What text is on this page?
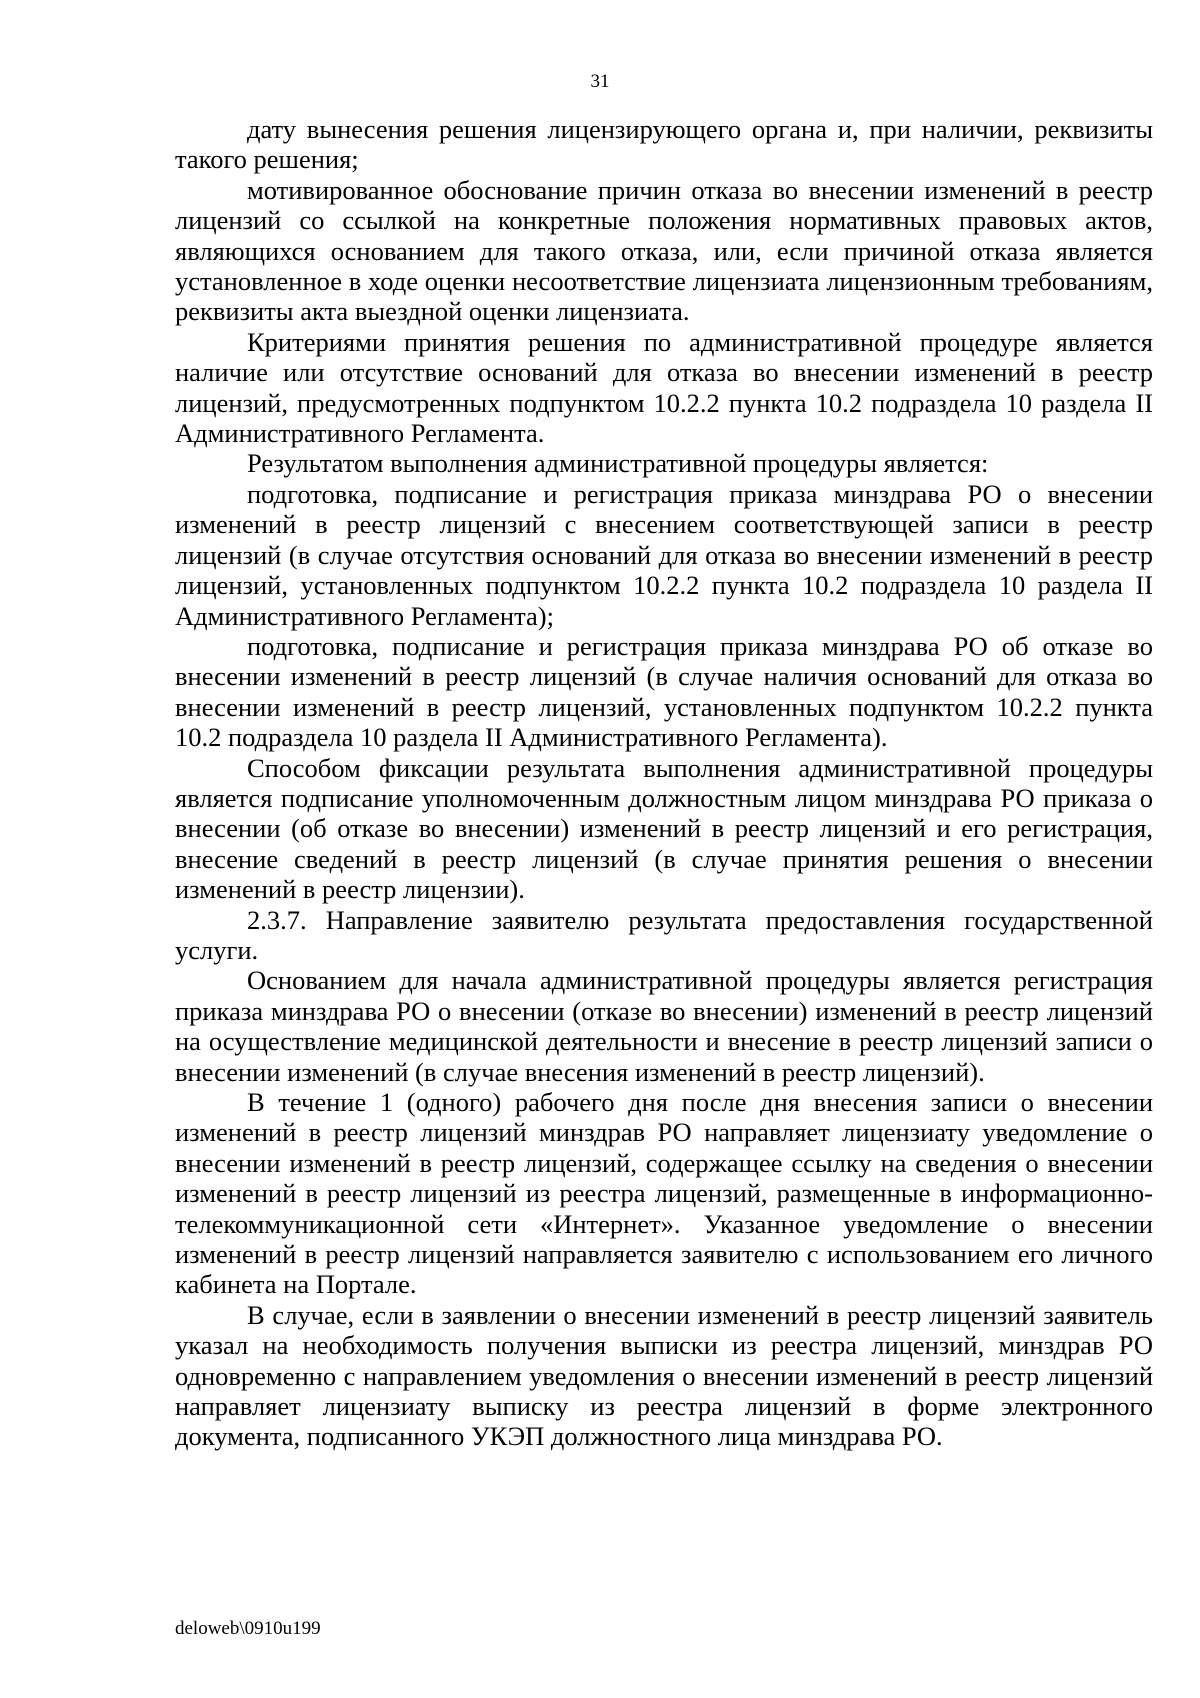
31

дату вынесения решения лицензирующего органа и, при наличии, реквизиты такого решения;

мотивированное обоснование причин отказа во внесении изменений в реестр лицензий со ссылкой на конкретные положения нормативных правовых актов, являющихся основанием для такого отказа, или, если причиной отказа является установленное в ходе оценки несоответствие лицензиата лицензионным требованиям, реквизиты акта выездной оценки лицензиата.

Критериями принятия решения по административной процедуре является наличие или отсутствие оснований для отказа во внесении изменений в реестр лицензий, предусмотренных подпунктом 10.2.2 пункта 10.2 подраздела 10 раздела II Административного Регламента.

Результатом выполнения административной процедуры является:

подготовка, подписание и регистрация приказа минздрава РО о внесении изменений в реестр лицензий с внесением соответствующей записи в реестр лицензий (в случае отсутствия оснований для отказа во внесении изменений в реестр лицензий, установленных подпунктом 10.2.2 пункта 10.2 подраздела 10 раздела II Административного Регламента);

подготовка, подписание и регистрация приказа минздрава РО об отказе во внесении изменений в реестр лицензий (в случае наличия оснований для отказа во внесении изменений в реестр лицензий, установленных подпунктом 10.2.2 пункта 10.2 подраздела 10 раздела II Административного Регламента).

Способом фиксации результата выполнения административной процедуры является подписание уполномоченным должностным лицом минздрава РО приказа о внесении (об отказе во внесении) изменений в реестр лицензий и его регистрация, внесение сведений в реестр лицензий (в случае принятия решения о внесении изменений в реестр лицензии).

2.3.7. Направление заявителю результата предоставления государственной услуги.

Основанием для начала административной процедуры является регистрация приказа минздрава РО о внесении (отказе во внесении) изменений в реестр лицензий на осуществление медицинской деятельности и внесение в реестр лицензий записи о внесении изменений (в случае внесения изменений в реестр лицензий).

В течение 1 (одного) рабочего дня после дня внесения записи о внесении изменений в реестр лицензий минздрав РО направляет лицензиату уведомление о внесении изменений в реестр лицензий, содержащее ссылку на сведения о внесении изменений в реестр лицензий из реестра лицензий, размещенные в информационно-телекоммуникационной сети «Интернет». Указанное уведомление о внесении изменений в реестр лицензий направляется заявителю с использованием его личного кабинета на Портале.

В случае, если в заявлении о внесении изменений в реестр лицензий заявитель указал на необходимость получения выписки из реестра лицензий, минздрав РО одновременно с направлением уведомления о внесении изменений в реестр лицензий направляет лицензиату выписку из реестра лицензий в форме электронного документа, подписанного УКЭП должностного лица минздрава РО.

deloweb\0910u199
